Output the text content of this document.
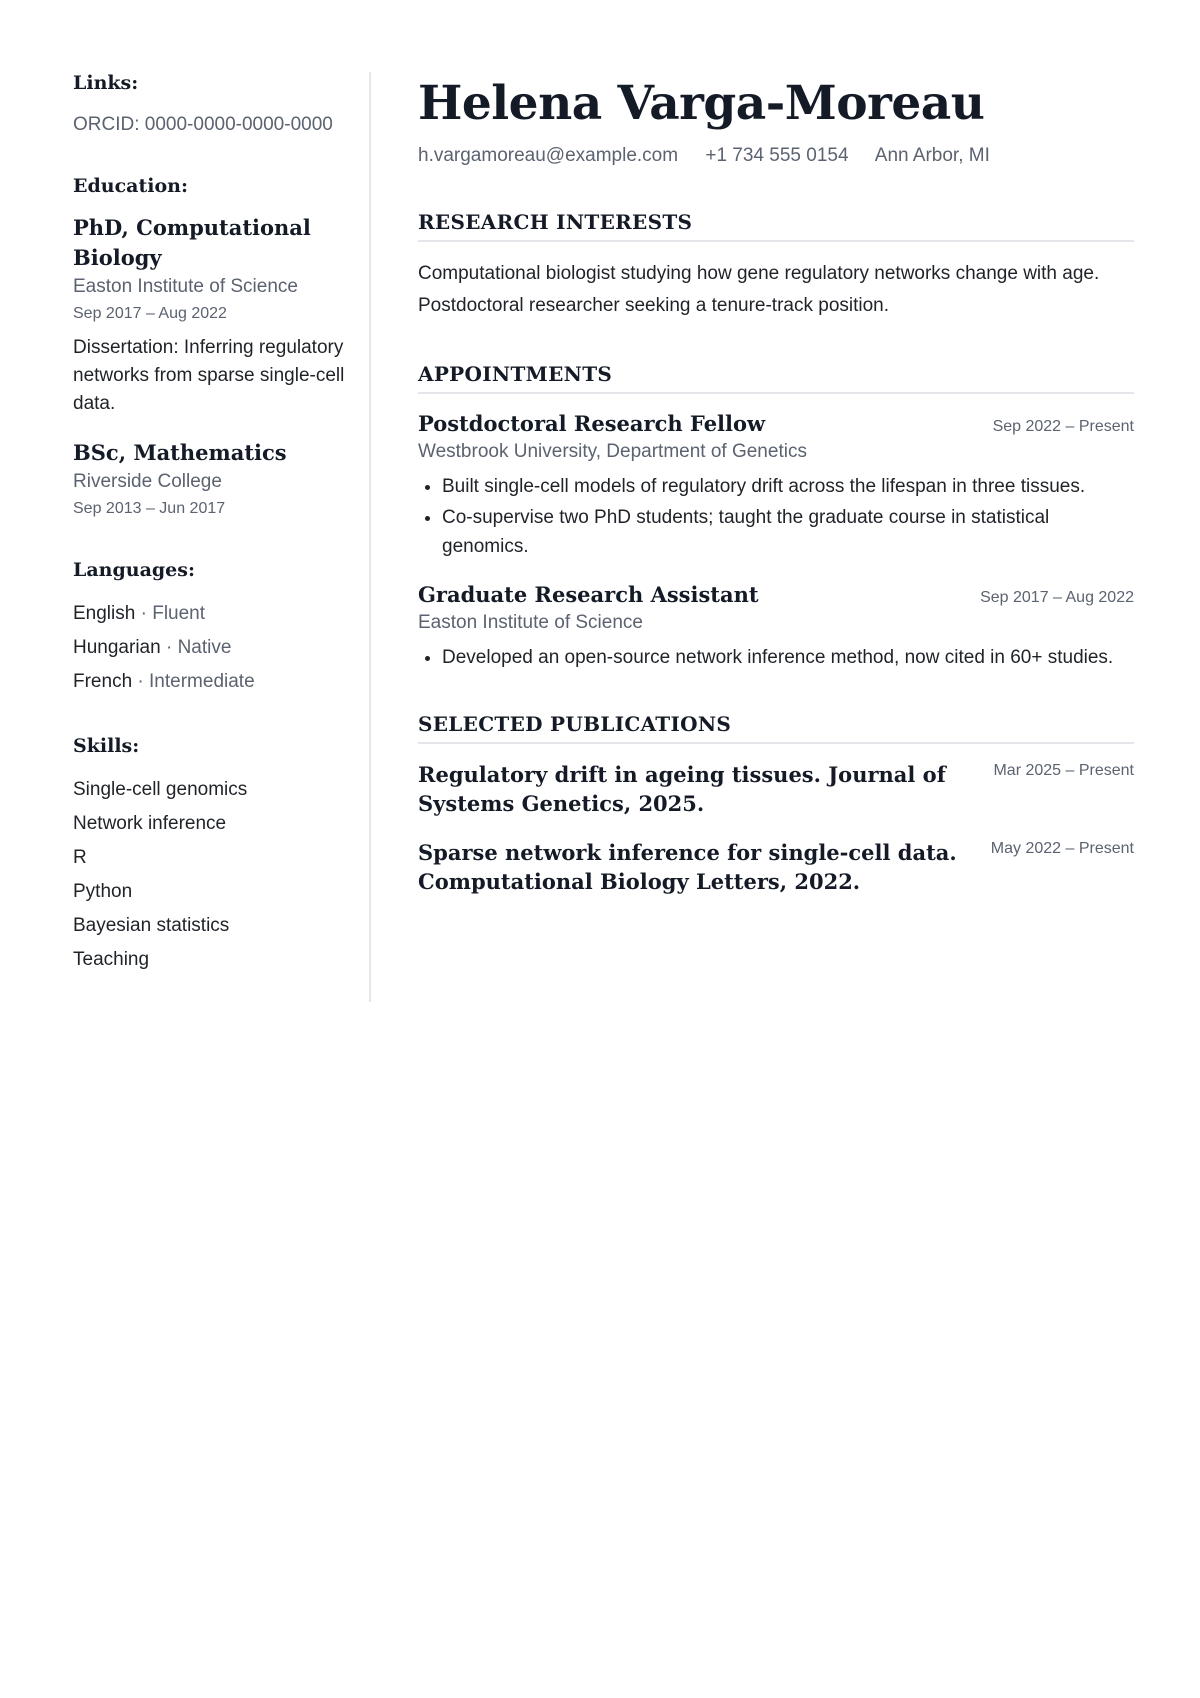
Links:
ORCID: 0000-0000-0000-0000
Education:
PhD, Computational Biology
Easton Institute of Science
Sep 2017 – Aug 2022
Dissertation: Inferring regulatory networks from sparse single-cell data.
BSc, Mathematics
Riverside College
Sep 2013 – Jun 2017
Languages:
English · Fluent
Hungarian · Native
French · Intermediate
Skills:
Single-cell genomics
Network inference
R
Python
Bayesian statistics
Teaching
Helena Varga-Moreau
h.vargamoreau@example.com +1 734 555 0154 Ann Arbor, MI
RESEARCH INTERESTS
Computational biologist studying how gene regulatory networks change with age. Postdoctoral researcher seeking a tenure-track position.
APPOINTMENTS
Postdoctoral Research Fellow	Sep 2022 – Present
Westbrook University, Department of Genetics
• Built single-cell models of regulatory drift across the lifespan in three tissues.
• Co-supervise two PhD students; taught the graduate course in statistical genomics.
Graduate Research Assistant	Sep 2017 – Aug 2022
Easton Institute of Science
• Developed an open-source network inference method, now cited in 60+ studies.
SELECTED PUBLICATIONS
Regulatory drift in ageing tissues. Journal of Systems Genetics, 2025.
Mar 2025 – Present
Sparse network inference for single-cell data. Computational Biology Letters, 2022.
May 2022 – Present
